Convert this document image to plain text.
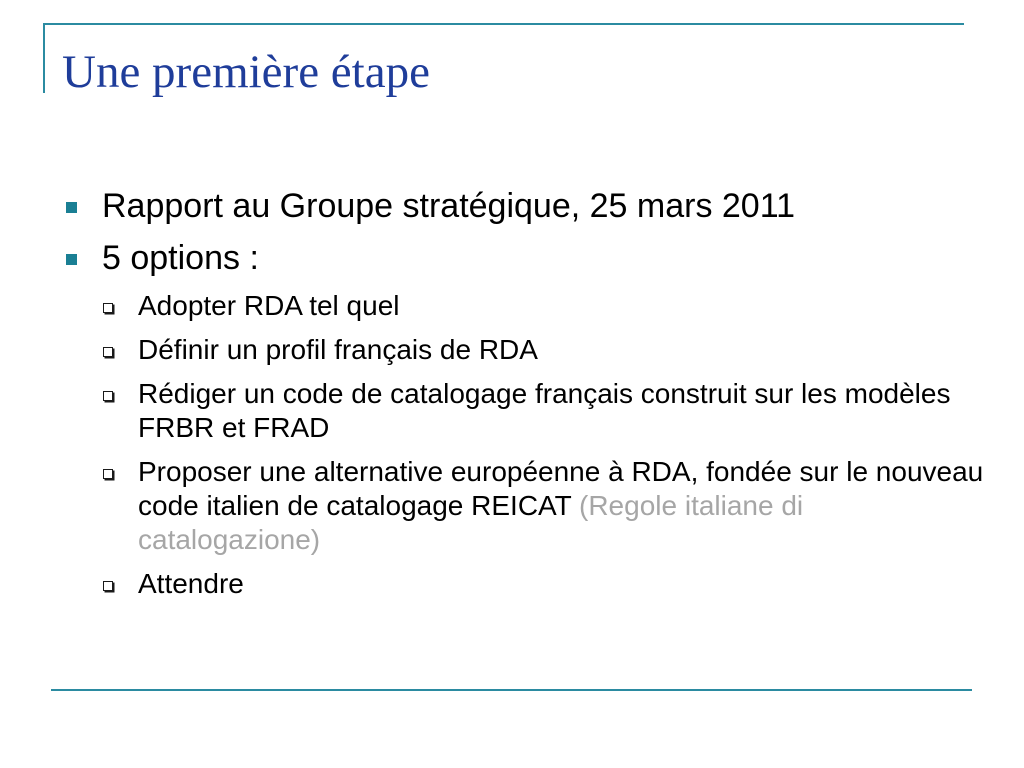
Une première étape
Rapport au Groupe stratégique, 25 mars 2011
5 options :
Adopter RDA tel quel
Définir un profil français de RDA
Rédiger un code de catalogage français construit sur les modèles FRBR et FRAD
Proposer une alternative européenne à RDA, fondée sur le nouveau code italien de catalogage REICAT (Regole italiane di catalogazione)
Attendre
